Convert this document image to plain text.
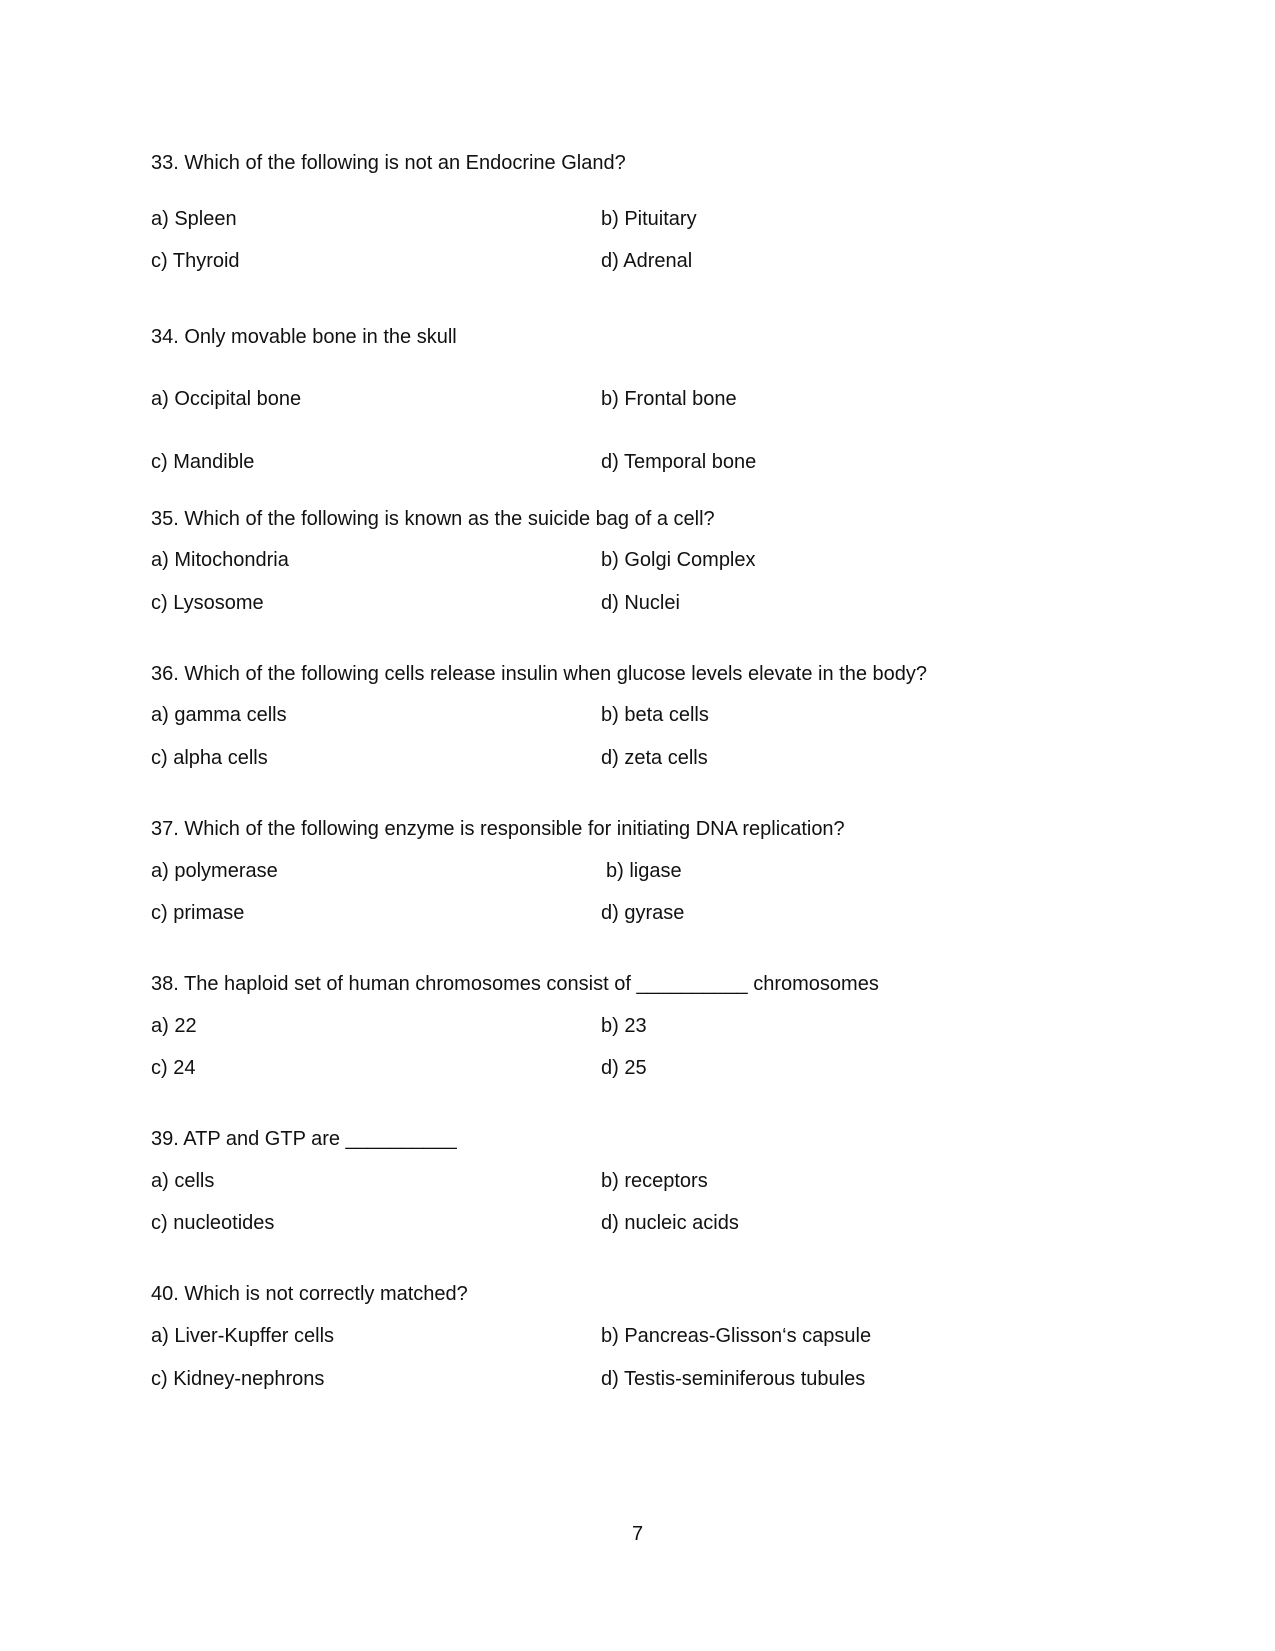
33. Which of the following is not an Endocrine Gland?
a) Spleen	b) Pituitary
c) Thyroid	d) Adrenal
34. Only movable bone in the skull
a) Occipital bone	b) Frontal bone
c) Mandible	d) Temporal bone
35. Which of the following is known as the suicide bag of a cell?
a) Mitochondria	b) Golgi Complex
c) Lysosome	d) Nuclei
36. Which of the following cells release insulin when glucose levels elevate in the body?
a) gamma cells	b) beta cells
c) alpha cells	d) zeta cells
37. Which of the following enzyme is responsible for initiating DNA replication?
a) polymerase	b) ligase
c) primase	d) gyrase
38. The haploid set of human chromosomes consist of __________ chromosomes
a) 22	b) 23
c) 24	d) 25
39. ATP and GTP are __________
a) cells	b) receptors
c) nucleotides	d) nucleic acids
40. Which is not correctly matched?
a) Liver-Kupffer cells	b) Pancreas-Glisson‘s capsule
c) Kidney-nephrons	d) Testis-seminiferous tubules
7
